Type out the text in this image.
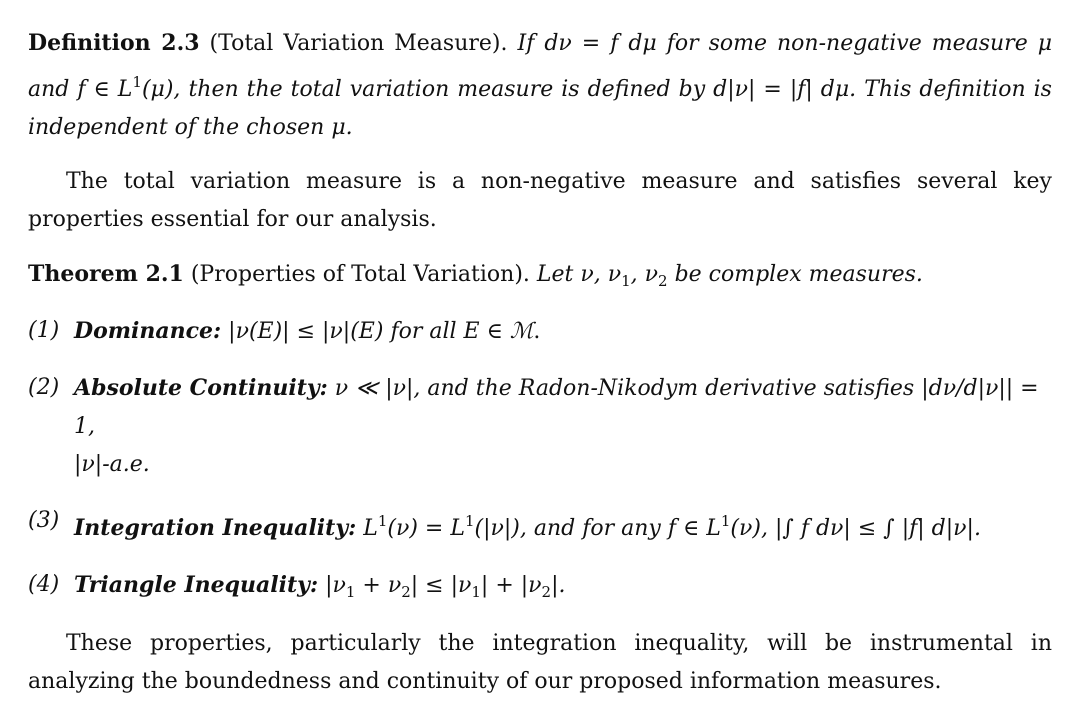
Definition 2.3 (Total Variation Measure). If dν = f dμ for some non-negative measure μ and f ∈ $L^1(\mu)$, then the total variation measure is defined by d|ν| = |f| dμ. This definition is independent of the chosen μ.

The total variation measure is a non-negative measure and satisfies several key properties essential for our analysis.

Theorem 2.1 (Properties of Total Variation). Let ν, $\nu_1$, $\nu_2$ be complex measures.

(1) Dominance: |ν(E)| ≤ |ν|(E) for all E ∈ ℳ.

(2) Absolute Continuity: ν ≪ |ν|, and the Radon-Nikodym derivative satisfies |dν/d|ν|| = 1,
|ν|-a.e.

(3) Integration Inequality: $L^1(\nu) = L^1(|\nu|)$, and for any f ∈ $L^1(\nu)$, |∫ f dν| ≤ ∫ |f| d|ν|.

(4) Triangle Inequality: $|\nu_1 + \nu_2| \le |\nu_1| + |\nu_2|$.

These properties, particularly the integration inequality, will be instrumental in analyzing the boundedness and continuity of our proposed information measures.
